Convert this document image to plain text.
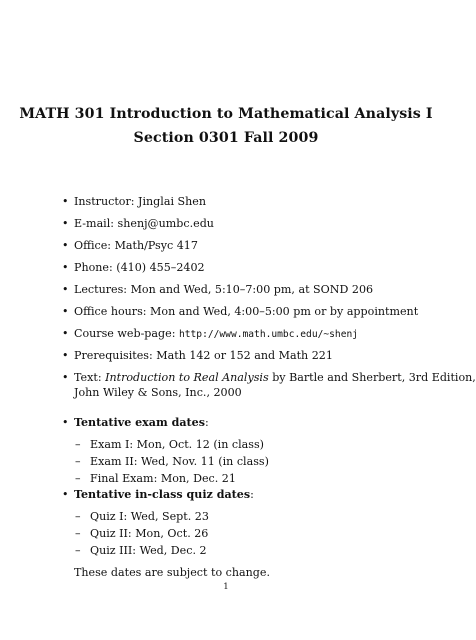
MATH 301 Introduction to Mathematical Analysis I
Section 0301 Fall 2009
• Instructor: Jinglai Shen
• E-mail: shenj@umbc.edu
• Office: Math/Psyc 417
• Phone: (410) 455–2402
• Lectures: Mon and Wed, 5:10–7:00 pm, at SOND 206
• Office hours: Mon and Wed, 4:00–5:00 pm or by appointment
• Course web-page: http://www.math.umbc.edu/~shenj
• Prerequisites: Math 142 or 152 and Math 221
• Text: Introduction to Real Analysis by Bartle and Sherbert, 3rd Edition,
John Wiley & Sons, Inc., 2000
• Tentative exam dates:
• Tentative in-class quiz dates:
– Exam I: Mon, Oct. 12 (in class)
– Exam II: Wed, Nov. 11 (in class)
– Final Exam: Mon, Dec. 21
– Quiz I: Wed, Sept. 23
– Quiz II: Mon, Oct. 26
– Quiz III: Wed, Dec. 2
These dates are subject to change.
1
